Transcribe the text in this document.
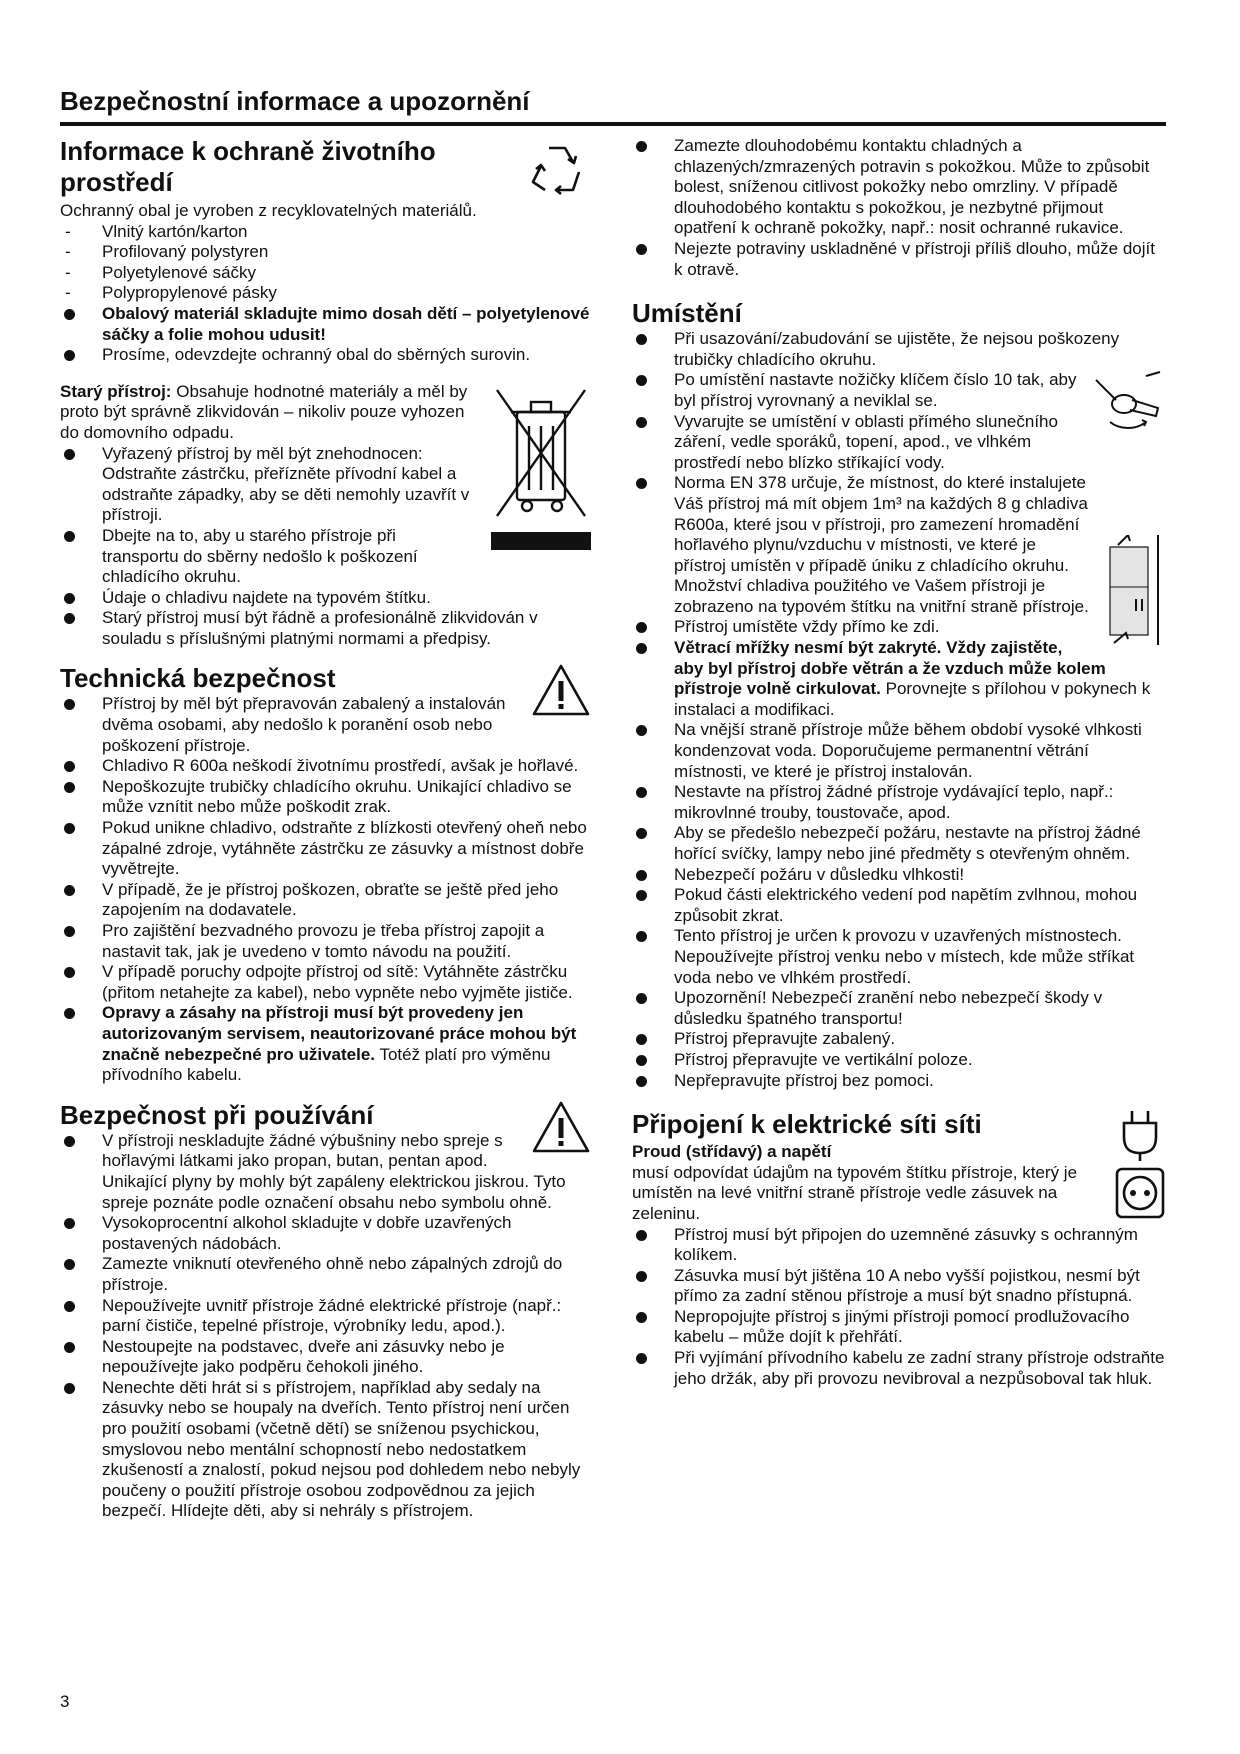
Bezpečnostní informace a upozornění
Informace k ochraně životního prostředí

Ochranný obal je vyroben z recyklovatelných materiálů.

- Vlnitý kartón/karton
- Profilovaný polystyren
- Polyetylenové sáčky
- Polypropylenové pásky
Obalový materiál skladujte mimo dosah dětí – polyetylenové sáčky a folie mohou udusit!
Prosíme, odevzdejte ochranný obal do sběrných surovin.

Starý přístroj: Obsahuje hodnotné materiály a měl by proto být správně zlikvidován – nikoliv pouze vyhozen do domovního odpadu.

Vyřazený přístroj by měl být znehodnocen: Odstraňte zástrčku, přeřízněte přívodní kabel a odstraňte západky, aby se děti nemohly uzavřít v přístroji.
Dbejte na to, aby u starého přístroje při transportu do sběrny nedošlo k poškození chladícího okruhu.
Údaje o chladivu najdete na typovém štítku.
Starý přístroj musí být řádně a profesionálně zlikvidován v souladu s příslušnými platnými normami a předpisy.
Technická bezpečnost
Přístroj by měl být přepravován zabalený a instalován dvěma osobami, aby nedošlo k poranění osob nebo poškození přístroje.
Chladivo R 600a neškodí životnímu prostředí, avšak je hořlavé.
Nepoškozujte trubičky chladícího okruhu. Unikající chladivo se může vznítit nebo může poškodit zrak.
Pokud unikne chladivo, odstraňte z blízkosti otevřený oheň nebo zápalné zdroje, vytáhněte zástrčku ze zásuvky a místnost dobře vyvětrejte.
V případě, že je přístroj poškozen, obraťte se ještě před jeho zapojením na dodavatele.
Pro zajištění bezvadného provozu je třeba přístroj zapojit a nastavit tak, jak je uvedeno v tomto návodu na použití.
V případě poruchy odpojte přístroj od sítě: Vytáhněte zástrčku (přitom netahejte za kabel), nebo vypněte nebo vyjměte jističe.
Opravy a zásahy na přístroji musí být provedeny jen autorizovaným servisem, neautorizované práce mohou být značně nebezpečné pro uživatele. Totéž platí pro výměnu přívodního kabelu.
Bezpečnost při používání
V přístroji neskladujte žádné výbušniny nebo spreje s hořlavými látkami jako propan, butan, pentan apod. Unikající plyny by mohly být zapáleny elektrickou jiskrou. Tyto spreje poznáte podle označení obsahu nebo symbolu ohně.
Vysokoprocentní alkohol skladujte v dobře uzavřených postavených nádobách.
Zamezte vniknutí otevřeného ohně nebo zápalných zdrojů do přístroje.
Nepoužívejte uvnitř přístroje žádné elektrické přístroje (např.: parní čističe, tepelné přístroje, výrobníky ledu, apod.).
Nestoupejte na podstavec, dveře ani zásuvky nebo je nepoužívejte jako podpěru čehokoli jiného.
Nenechte děti hrát si s přístrojem, například aby sedaly na zásuvky nebo se houpaly na dveřích. Tento přístroj není určen pro použití osobami (včetně dětí) se sníženou psychickou, smyslovou nebo mentální schopností nebo nedostatkem zkušeností a znalostí, pokud nejsou pod dohledem nebo nebyly poučeny o použití přístroje osobou zodpovědnou za jejich bezpečí. Hlídejte děti, aby si nehrály s přístrojem.
Zamezte dlouhodobému kontaktu chladných a chlazených/zmrazených potravin s pokožkou. Může to způsobit bolest, sníženou citlivost pokožky nebo omrzliny. V případě dlouhodobého kontaktu s pokožkou, je nezbytné přijmout opatření k ochraně pokožky, např.: nosit ochranné rukavice.
Nejezte potraviny uskladněné v přístroji příliš dlouho, může dojít k otravě.
Umístění
Při usazování/zabudování se ujistěte, že nejsou poškozeny trubičky chladícího okruhu.
Po umístění nastavte nožičky klíčem číslo 10 tak, aby byl přístroj vyrovnaný a neviklal se.
Vyvarujte se umístění v oblasti přímého slunečního záření, vedle sporáků, topení, apod., ve vlhkém prostředí nebo blízko stříkající vody.
Norma EN 378 určuje, že místnost, do které instalujete Váš přístroj má mít objem 1m³ na každých 8 g chladiva R600a, které jsou v přístroji, pro zamezení hromadění hořlavého plynu/vzduchu v místnosti, ve které je přístroj umístěn v případě úniku z chladícího okruhu. Množství chladiva použitého ve Vašem přístroji je zobrazeno na typovém štítku na vnitřní straně přístroje.
Přístroj umístěte vždy přímo ke zdi.
Větrací mřížky nesmí být zakryté. Vždy zajistěte, aby byl přístroj dobře větrán a že vzduch může kolem přístroje volně cirkulovat. Porovnejte s přílohou v pokynech k instalaci a modifikaci.
Na vnější straně přístroje může během období vysoké vlhkosti kondenzovat voda. Doporučujeme permanentní větrání místnosti, ve které je přístroj instalován.
Nestavte na přístroj žádné přístroje vydávající teplo, např.: mikrovlnné trouby, toustovače, apod.
Aby se předešlo nebezpečí požáru, nestavte na přístroj žádné hořící svíčky, lampy nebo jiné předměty s otevřeným ohněm.
Nebezpečí požáru v důsledku vlhkosti!
Pokud části elektrického vedení pod napětím zvlhnou, mohou způsobit zkrat.
Tento přístroj je určen k provozu v uzavřených místnostech. Nepoužívejte přístroj venku nebo v místech, kde může stříkat voda nebo ve vlhkém prostředí.
Upozornění! Nebezpečí zranění nebo nebezpečí škody v důsledku špatného transportu!
Přístroj přepravujte zabalený.
Přístroj přepravujte ve vertikální poloze.
Nepřepravujte přístroj bez pomoci.
Připojení k elektrické síti síti

Proud (střídavý) a napětí

musí odpovídat údajům na typovém štítku přístroje, který je umístěn na levé vnitřní straně přístroje vedle zásuvek na zeleninu.

Přístroj musí být připojen do uzemněné zásuvky s ochranným kolíkem.
Zásuvka musí být jištěna 10 A nebo vyšší pojistkou, nesmí být přímo za zadní stěnou přístroje a musí být snadno přístupná.
Nepropojujte přístroj s jinými přístroji pomocí prodlužovacího kabelu – může dojít k přehřátí.
Při vyjímání přívodního kabelu ze zadní strany přístroje odstraňte jeho držák, aby při provozu nevibroval a nezpůsoboval tak hluk.
3
